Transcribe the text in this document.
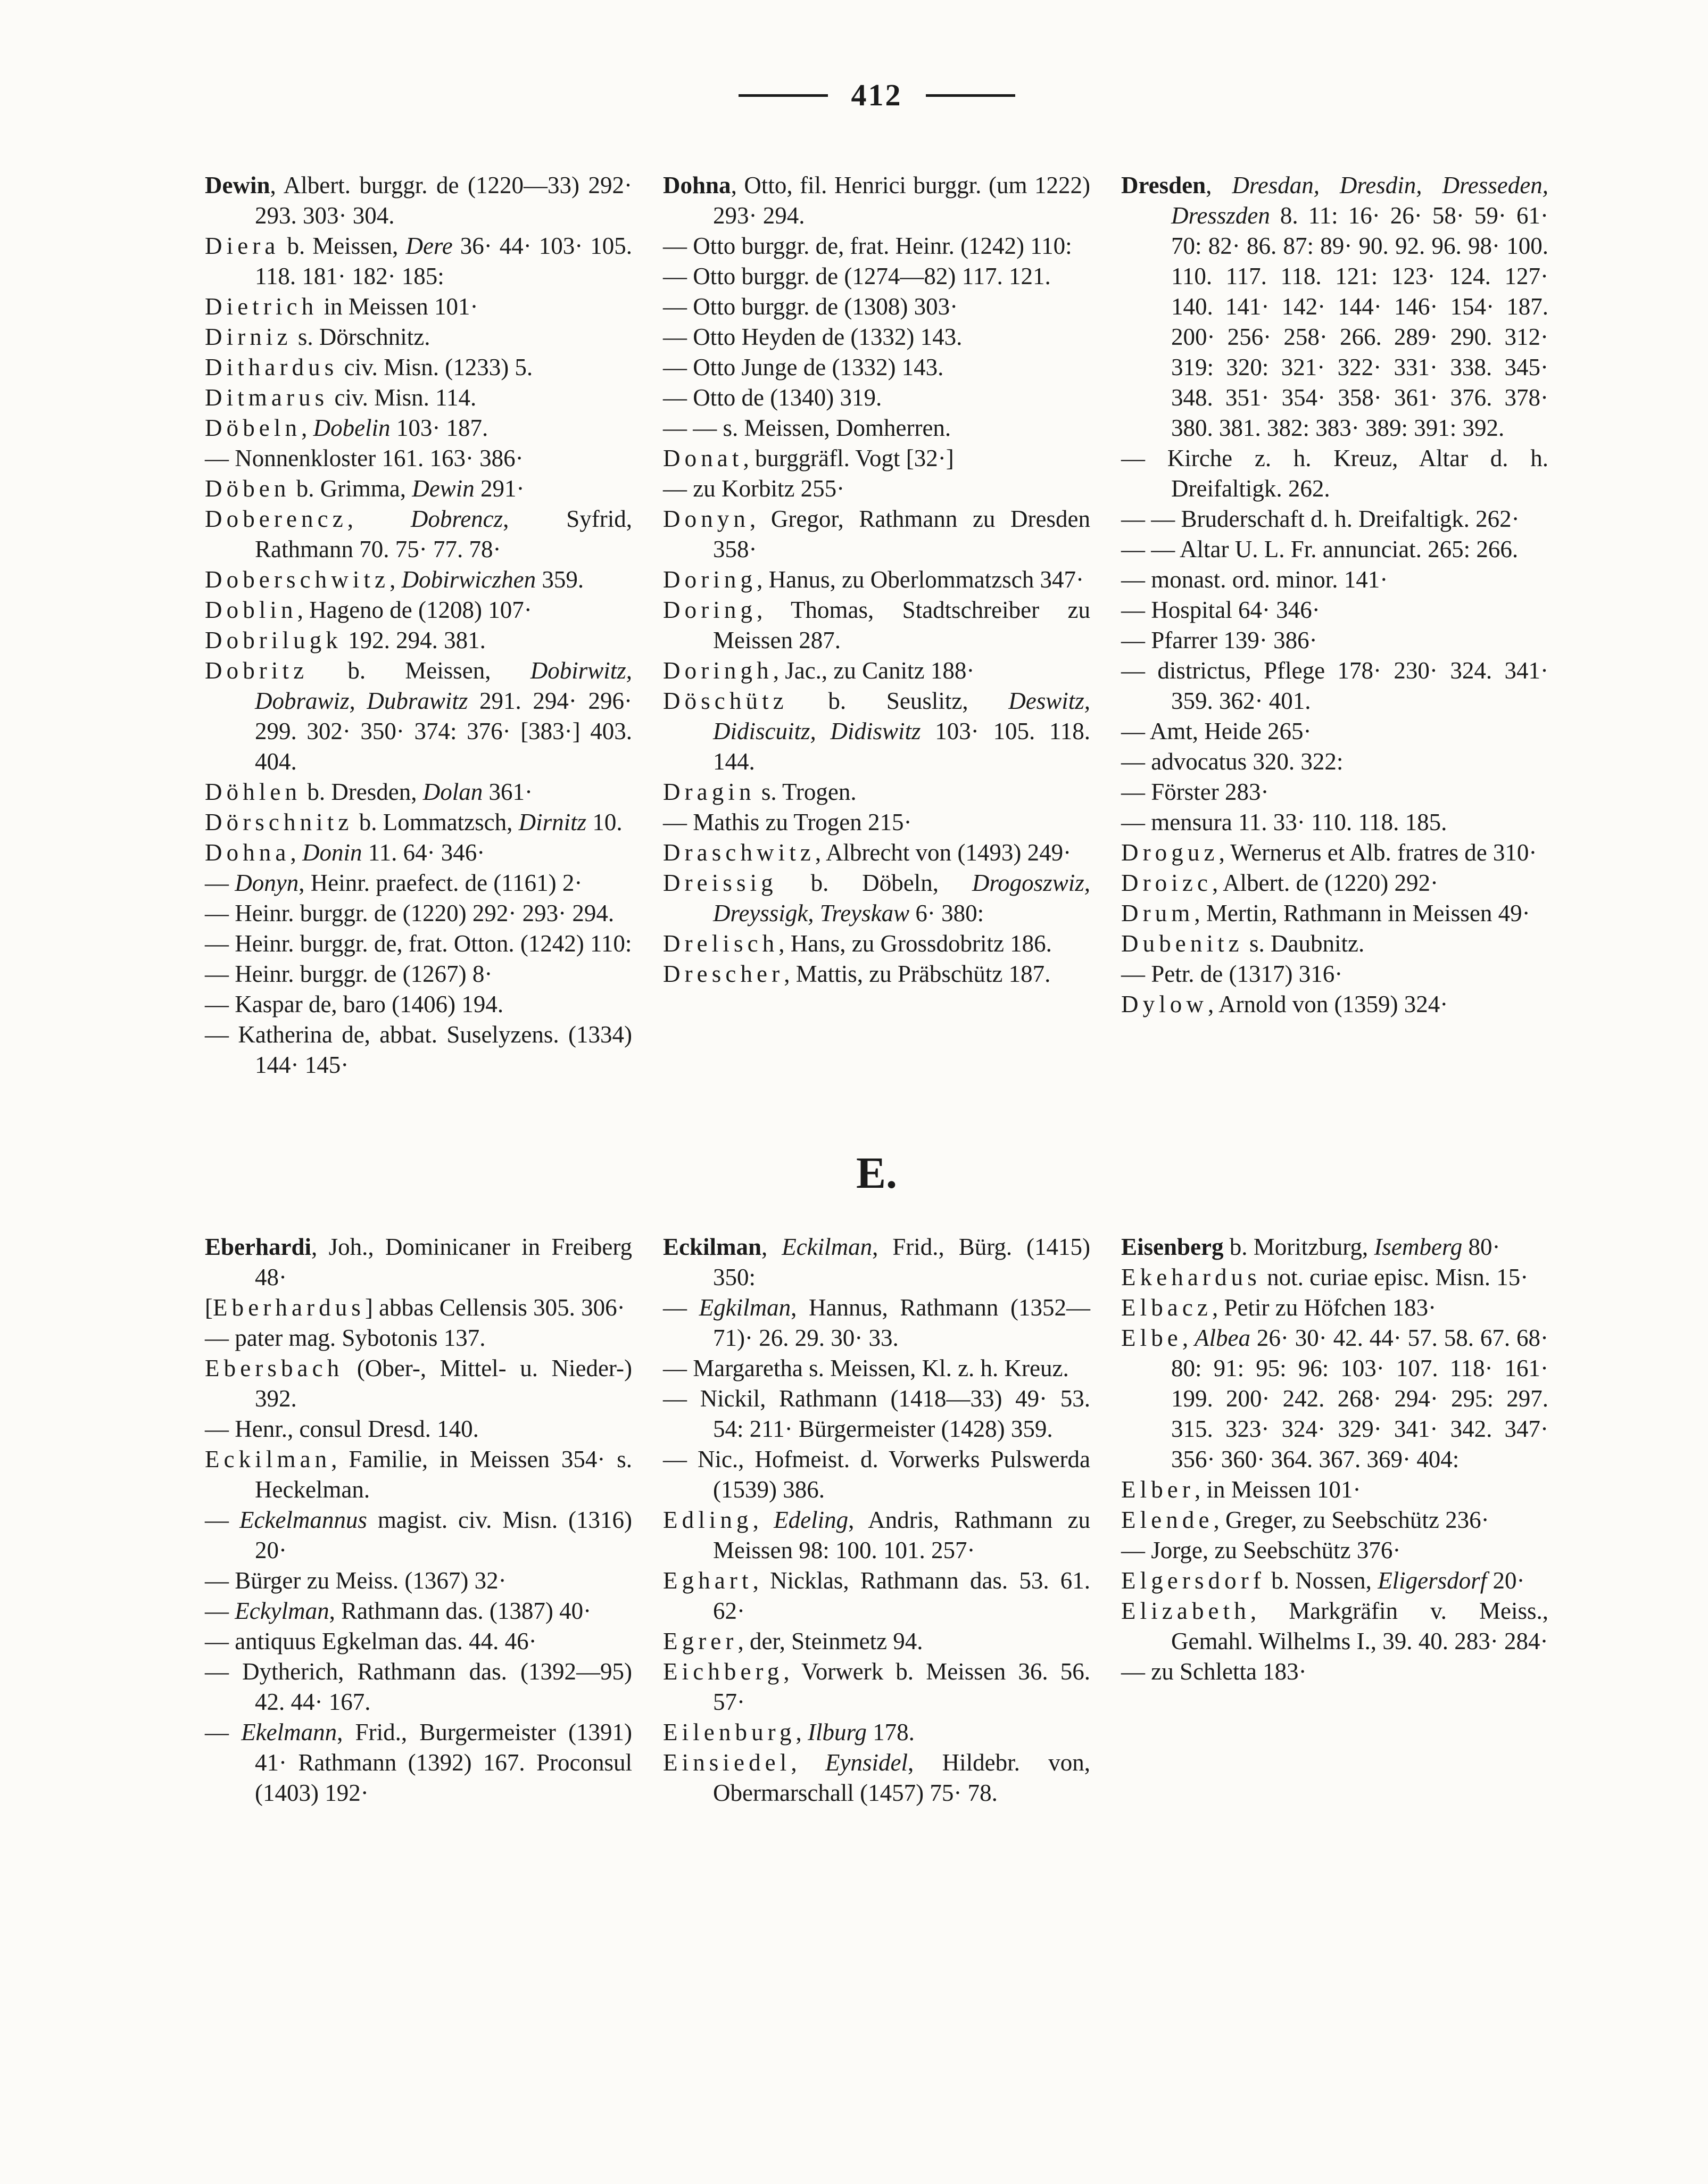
412

Dewin, Albert. burggr. de (1220—33) 292· 293. 303· 304.

Diera b. Meissen, Dere 36· 44· 103· 105. 118. 181· 182· 185:

Dietrich in Meissen 101·

Dirniz s. Dörschnitz.

Dithardus civ. Misn. (1233) 5.

Ditmarus civ. Misn. 114.

Döbeln, Dobelin 103· 187.

— Nonnenkloster 161. 163· 386·

Döben b. Grimma, Dewin 291·

Doberencz, Dobrencz, Syfrid, Rathmann 70. 75· 77. 78·

Doberschwitz, Dobirwiczhen 359.

Doblin, Hageno de (1208) 107·

Dobrilugk 192. 294. 381.

Dobritz b. Meissen, Dobirwitz, Dobrawiz, Dubrawitz 291. 294· 296· 299. 302· 350· 374: 376· [383·] 403. 404.

Döhlen b. Dresden, Dolan 361·

Dörschnitz b. Lommatzsch, Dirnitz 10.

Dohna, Donin 11. 64· 346·

— Donyn, Heinr. praefect. de (1161) 2·

— Heinr. burggr. de (1220) 292· 293· 294.

— Heinr. burggr. de, frat. Otton. (1242) 110:

— Heinr. burggr. de (1267) 8·

— Kaspar de, baro (1406) 194.

— Katherina de, abbat. Suselyzens. (1334) 144· 145·

Dohna, Otto, fil. Henrici burggr. (um 1222) 293· 294.

— Otto burggr. de, frat. Heinr. (1242) 110:

— Otto burggr. de (1274—82) 117. 121.

— Otto burggr. de (1308) 303·

— Otto Heyden de (1332) 143.

— Otto Junge de (1332) 143.

— Otto de (1340) 319.

— — s. Meissen, Domherren.

Donat, burggräfl. Vogt [32·]

— zu Korbitz 255·

Donyn, Gregor, Rathmann zu Dresden 358·

Doring, Hanus, zu Oberlommatzsch 347·

Doring, Thomas, Stadtschreiber zu Meissen 287.

Doringh, Jac., zu Canitz 188·

Döschütz b. Seuslitz, Deswitz, Didiscuitz, Didiswitz 103· 105. 118. 144.

Dragin s. Trogen.

— Mathis zu Trogen 215·

Draschwitz, Albrecht von (1493) 249·

Dreissig b. Döbeln, Drogoszwiz, Dreyssigk, Treyskaw 6· 380:

Drelisch, Hans, zu Grossdobritz 186.

Drescher, Mattis, zu Präbschütz 187.

Dresden, Dresdan, Dresdin, Dresseden, Dresszden 8. 11: 16· 26· 58· 59· 61· 70: 82· 86. 87: 89· 90. 92. 96. 98· 100. 110. 117. 118. 121: 123· 124. 127· 140. 141· 142· 144· 146· 154· 187. 200· 256· 258· 266. 289· 290. 312· 319: 320: 321· 322· 331· 338. 345· 348. 351· 354· 358· 361· 376. 378· 380. 381. 382: 383· 389: 391: 392.

— Kirche z. h. Kreuz, Altar d. h. Dreifaltigk. 262.

— — Bruderschaft d. h. Dreifaltigk. 262·

— — Altar U. L. Fr. annunciat. 265: 266.

— monast. ord. minor. 141·

— Hospital 64· 346·

— Pfarrer 139· 386·

— districtus, Pflege 178· 230· 324. 341· 359. 362· 401.

— Amt, Heide 265·

— advocatus 320. 322:

— Förster 283·

— mensura 11. 33· 110. 118. 185.

Droguz, Wernerus et Alb. fratres de 310·

Droizc, Albert. de (1220) 292·

Drum, Mertin, Rathmann in Meissen 49·

Dubenitz s. Daubnitz.

— Petr. de (1317) 316·

Dylow, Arnold von (1359) 324·

E.

Eberhardi, Joh., Dominicaner in Freiberg 48·

[Eberhardus] abbas Cellensis 305. 306·

— pater mag. Sybotonis 137.

Ebersbach (Ober-, Mittel- u. Nieder-) 392.

— Henr., consul Dresd. 140.

Eckilman, Familie, in Meissen 354· s. Heckelman.

— Eckelmannus magist. civ. Misn. (1316) 20·

— Bürger zu Meiss. (1367) 32·

— Eckylman, Rathmann das. (1387) 40·

— antiquus Egkelman das. 44. 46·

— Dytherich, Rathmann das. (1392—95) 42. 44· 167.

— Ekelmann, Frid., Burgermeister (1391) 41· Rathmann (1392) 167. Proconsul (1403) 192·

Eckilman, Eckilman, Frid., Bürg. (1415) 350:

— Egkilman, Hannus, Rathmann (1352—71)· 26. 29. 30· 33.

— Margaretha s. Meissen, Kl. z. h. Kreuz.

— Nickil, Rathmann (1418—33) 49· 53. 54: 211· Bürgermeister (1428) 359.

— Nic., Hofmeist. d. Vorwerks Pulswerda (1539) 386.

Edling, Edeling, Andris, Rathmann zu Meissen 98: 100. 101. 257·

Eghart, Nicklas, Rathmann das. 53. 61. 62·

Egrer, der, Steinmetz 94.

Eichberg, Vorwerk b. Meissen 36. 56. 57·

Eilenburg, Ilburg 178.

Einsiedel, Eynsidel, Hildebr. von, Obermarschall (1457) 75· 78.

Eisenberg b. Moritzburg, Isemberg 80·

Ekehardus not. curiae episc. Misn. 15·

Elbacz, Petir zu Höfchen 183·

Elbe, Albea 26· 30· 42. 44· 57. 58. 67. 68· 80: 91: 95: 96: 103· 107. 118· 161· 199. 200· 242. 268· 294· 295: 297. 315. 323· 324· 329· 341· 342. 347· 356· 360· 364. 367. 369· 404:

Elber, in Meissen 101·

Elende, Greger, zu Seebschütz 236·

— Jorge, zu Seebschütz 376·

Elgersdorf b. Nossen, Eligersdorf 20·

Elizabeth, Markgräfin v. Meiss., Gemahl. Wilhelms I., 39. 40. 283· 284·

— zu Schletta 183·
